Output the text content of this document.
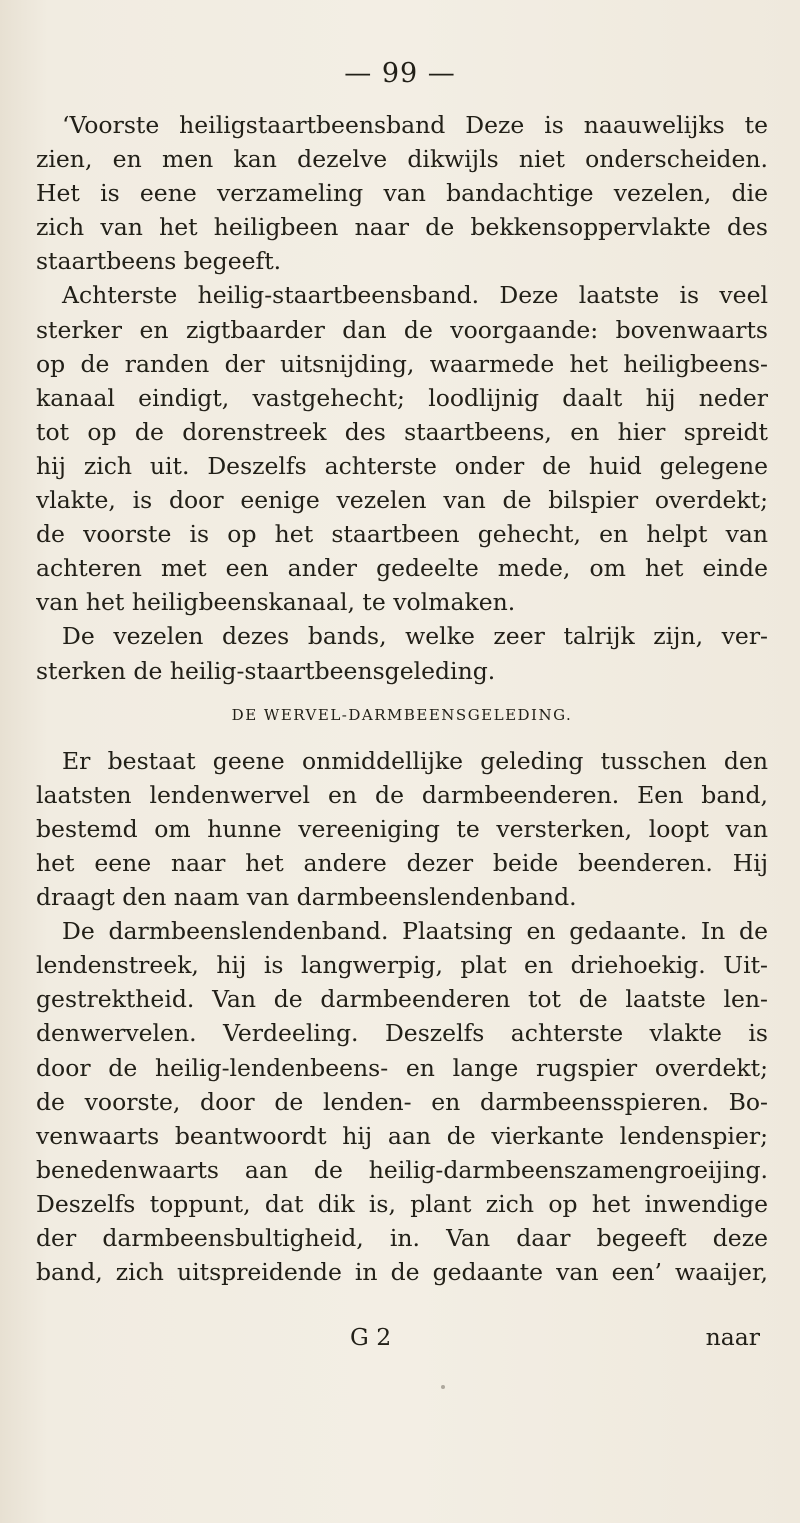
— 99 —
‘Voorste heiligstaartbeensband Deze is naauwelijks te
zien, en men kan dezelve dikwijls niet onderscheiden.
Het is eene verzameling van bandachtige vezelen, die
zich van het heiligbeen naar de bekkensoppervlakte des
staartbeens begeeft.
Achterste heilig-staartbeensband. Deze laatste is veel
sterker en zigtbaarder dan de voorgaande: bovenwaarts
op de randen der uitsnijding, waarmede het heiligbeens-
kanaal eindigt, vastgehecht; loodlijnig daalt hij neder
tot op de dorenstreek des staartbeens, en hier spreidt
hij zich uit. Deszelfs achterste onder de huid gelegene
vlakte, is door eenige vezelen van de bilspier overdekt;
de voorste is op het staartbeen gehecht, en helpt van
achteren met een ander gedeelte mede, om het einde
van het heiligbeenskanaal, te volmaken.
De vezelen dezes bands, welke zeer talrijk zijn, ver-
sterken de heilig-staartbeensgeleding.
DE WERVEL-DARMBEENSGELEDING.
Er bestaat geene onmiddellijke geleding tusschen den
laatsten lendenwervel en de darmbeenderen. Een band,
bestemd om hunne vereeniging te versterken, loopt van
het eene naar het andere dezer beide beenderen. Hij
draagt den naam van darmbeenslendenband.
De darmbeenslendenband. Plaatsing en gedaante. In de
lendenstreek, hij is langwerpig, plat en driehoekig. Uit-
gestrektheid. Van de darmbeenderen tot de laatste len-
denwervelen. Verdeeling. Deszelfs achterste vlakte is
door de heilig-lendenbeens- en lange rugspier overdekt;
de voorste, door de lenden- en darmbeensspieren. Bo-
venwaarts beantwoordt hij aan de vierkante lendenspier;
benedenwaarts aan de heilig-darmbeenszamengroeijing.
Deszelfs toppunt, dat dik is, plant zich op het inwendige
der darmbeensbultigheid, in. Van daar begeeft deze
band, zich uitspreidende in de gedaante van een’ waaijer,
G 2	naar
